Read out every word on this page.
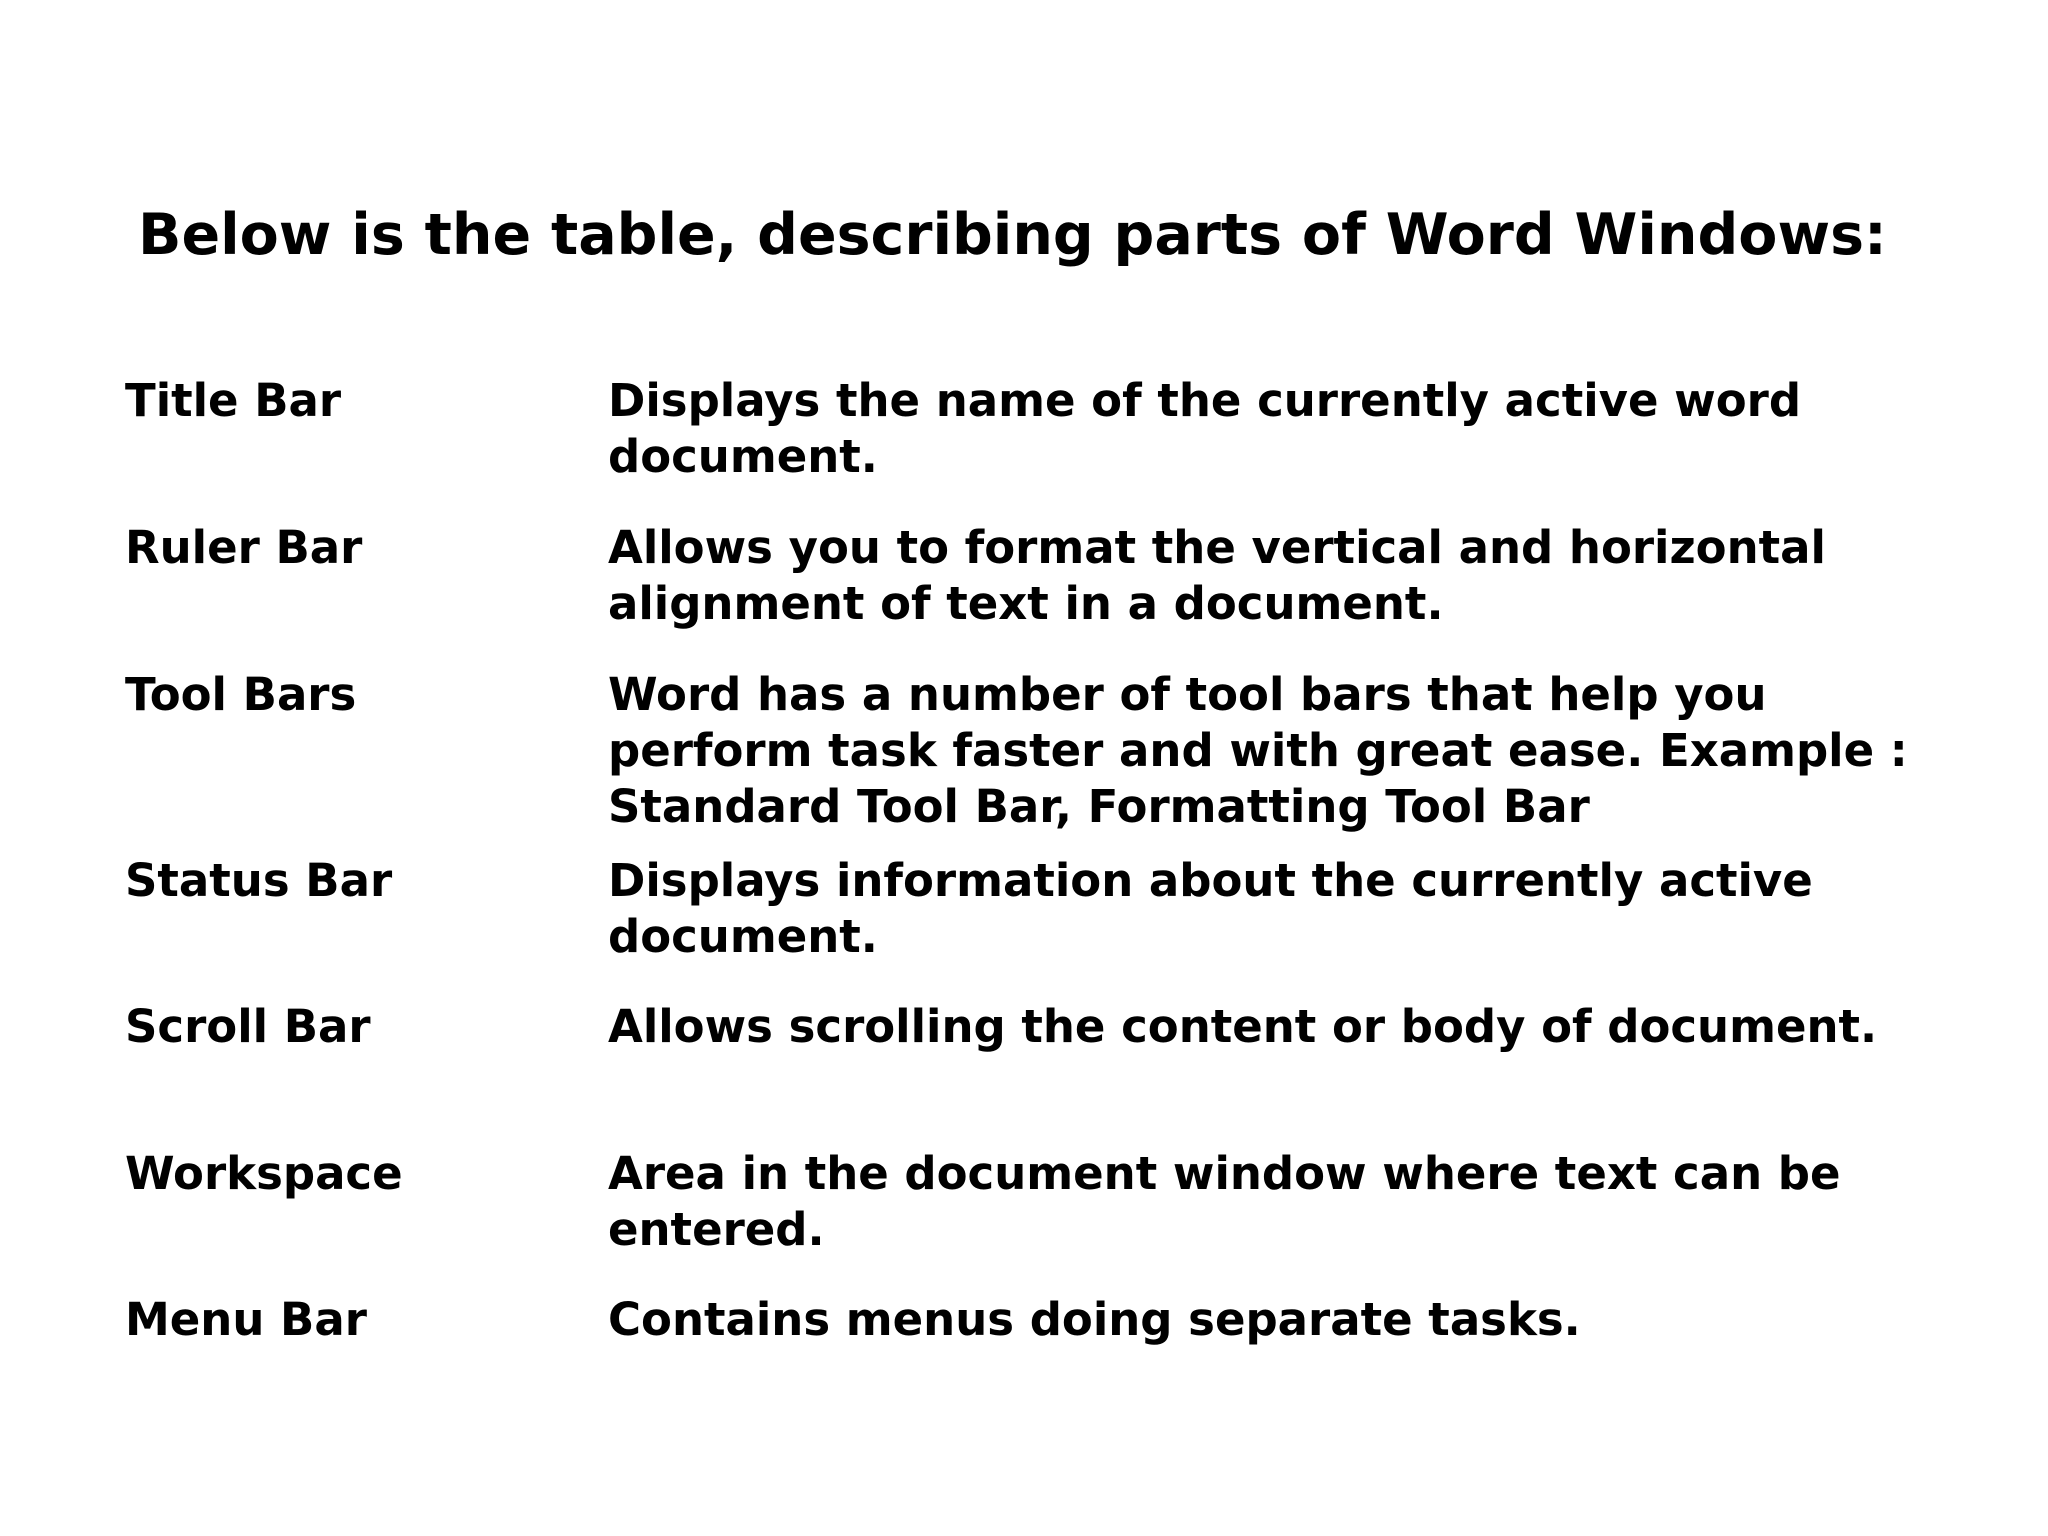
Below is the table, describing parts of Word Windows:
Title Bar	Displays the name of the currently active word
document.
Ruler Bar	Allows you to format the vertical and horizontal
alignment of text in a document.
Tool Bars	Word has a number of tool bars that help you
perform task faster and with great ease. Example :
Standard Tool Bar, Formatting Tool Bar
Status Bar	Displays information about the currently active
document.
Scroll Bar	Allows scrolling the content or body of document.
Workspace	Area in the document window where text can be
entered.
Menu Bar	Contains menus doing separate tasks.
